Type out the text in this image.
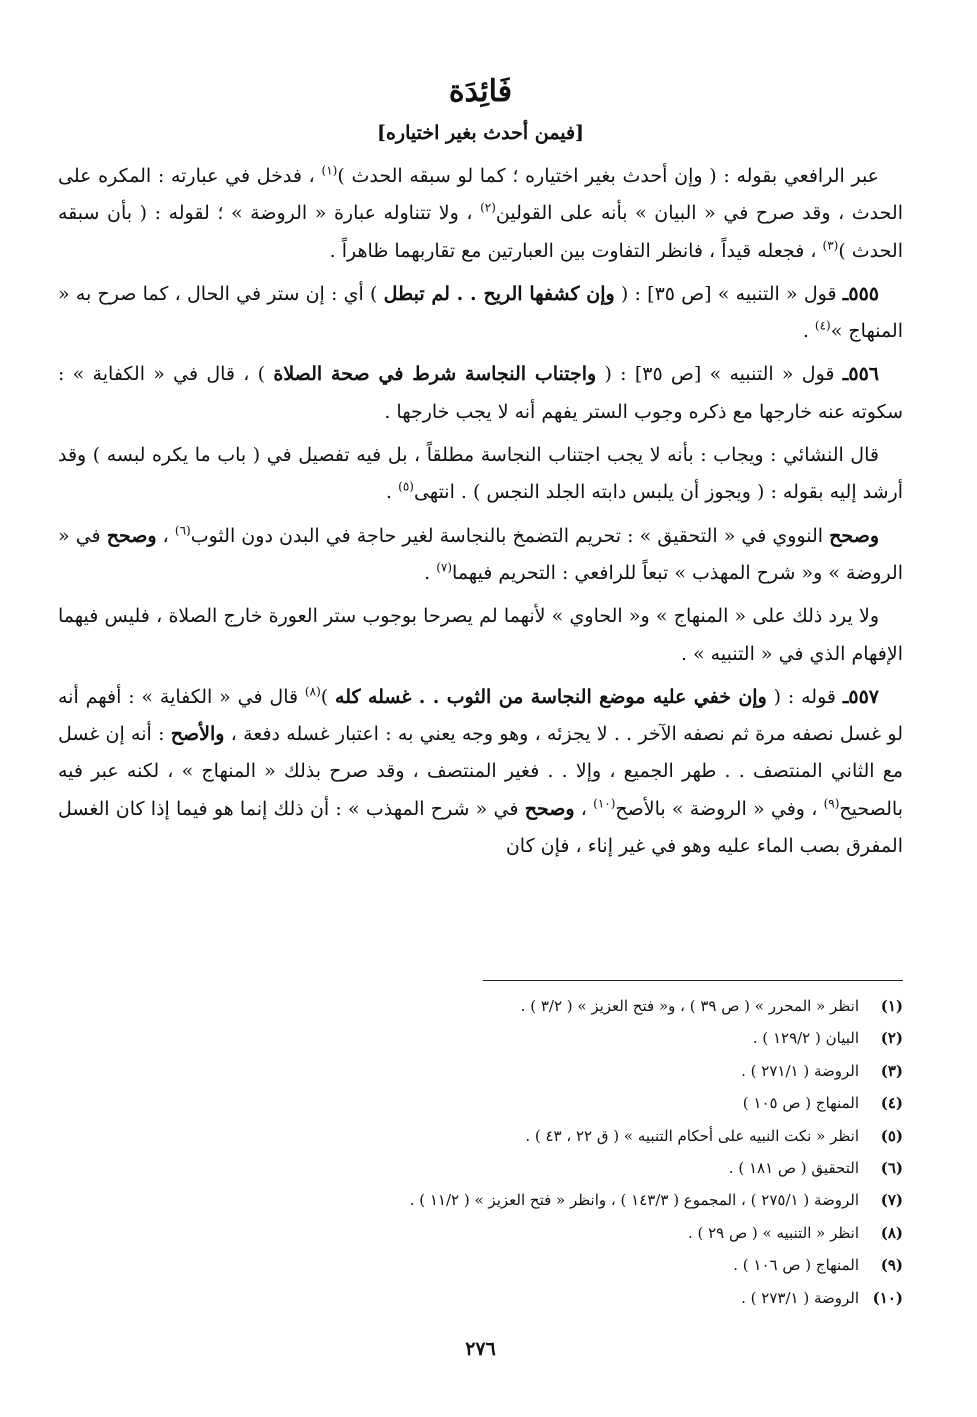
فَائِدَة
[فيمن أحدث بغير اختياره]

عبر الرافعي بقوله : ( وإن أحدث بغير اختياره ؛ كما لو سبقه الحدث )$^{(١)}$ ، فدخل في عبارته : المكره على الحدث ، وقد صرح في « البيان » بأنه على القولين$^{(٢)}$ ، ولا تتناوله عبارة « الروضة » ؛ لقوله : ( بأن سبقه الحدث )$^{(٣)}$ ، فجعله قيداً ، فانظر التفاوت بين العبارتين مع تقاربهما ظاهراً .

٥٥٥ـ قول « التنبيه » [ص ٣٥] : ( وإن كشفها الريح . . لم تبطل ) أي : إن ستر في الحال ، كما صرح به « المنهاج »$^{(٤)}$ .

٥٥٦ـ قول « التنبيه » [ص ٣٥] : ( واجتناب النجاسة شرط في صحة الصلاة ) ، قال في « الكفاية » : سكوته عنه خارجها مع ذكره وجوب الستر يفهم أنه لا يجب خارجها .

قال النشائي : ويجاب : بأنه لا يجب اجتناب النجاسة مطلقاً ، بل فيه تفصيل في ( باب ما يكره لبسه ) وقد أرشد إليه بقوله : ( ويجوز أن يلبس دابته الجلد النجس ) . انتهى$^{(٥)}$ .

وصحح النووي في « التحقيق » : تحريم التضمخ بالنجاسة لغير حاجة في البدن دون الثوب$^{(٦)}$ ، وصحح في « الروضة » و« شرح المهذب » تبعاً للرافعي : التحريم فيهما$^{(٧)}$ .

ولا يرد ذلك على « المنهاج » و« الحاوي » لأنهما لم يصرحا بوجوب ستر العورة خارج الصلاة ، فليس فيهما الإفهام الذي في « التنبيه » .

٥٥٧ـ قوله : ( وإن خفي عليه موضع النجاسة من الثوب . . غسله كله )$^{(٨)}$ قال في « الكفاية » : أفهم أنه لو غسل نصفه مرة ثم نصفه الآخر . . لا يجزئه ، وهو وجه يعني به : اعتبار غسله دفعة ، والأصح : أنه إن غسل مع الثاني المنتصف . . طهر الجميع ، وإلا . . فغير المنتصف ، وقد صرح بذلك « المنهاج » ، لكنه عبر فيه بالصحيح$^{(٩)}$ ، وفي « الروضة » بالأصح$^{(١٠)}$ ، وصحح في « شرح المهذب » : أن ذلك إنما هو فيما إذا كان الغسل المفرق بصب الماء عليه وهو في غير إناء ، فإن كان

(١)
انظر « المحرر » ( ص ٣٩ ) ، و« فتح العزيز » ( ٣/٢ ) .
(٢)
البيان ( ١٢٩/٢ ) .
(٣)
الروضة ( ٢٧١/١ ) .
(٤)
المنهاج ( ص ١٠٥ )
(٥)
انظر « نكت النبيه على أحكام التنبيه » ( ق ٢٢ ، ٤٣ ) .
(٦)
التحقيق ( ص ١٨١ ) .
(٧)
الروضة ( ٢٧٥/١ ) ، المجموع ( ١٤٣/٣ ) ، وانظر « فتح العزيز » ( ١١/٢ ) .
(٨)
انظر « التنبيه » ( ص ٢٩ ) .
(٩)
المنهاج ( ص ١٠٦ ) .
(١٠)
الروضة ( ٢٧٣/١ ) .
٢٧٦
